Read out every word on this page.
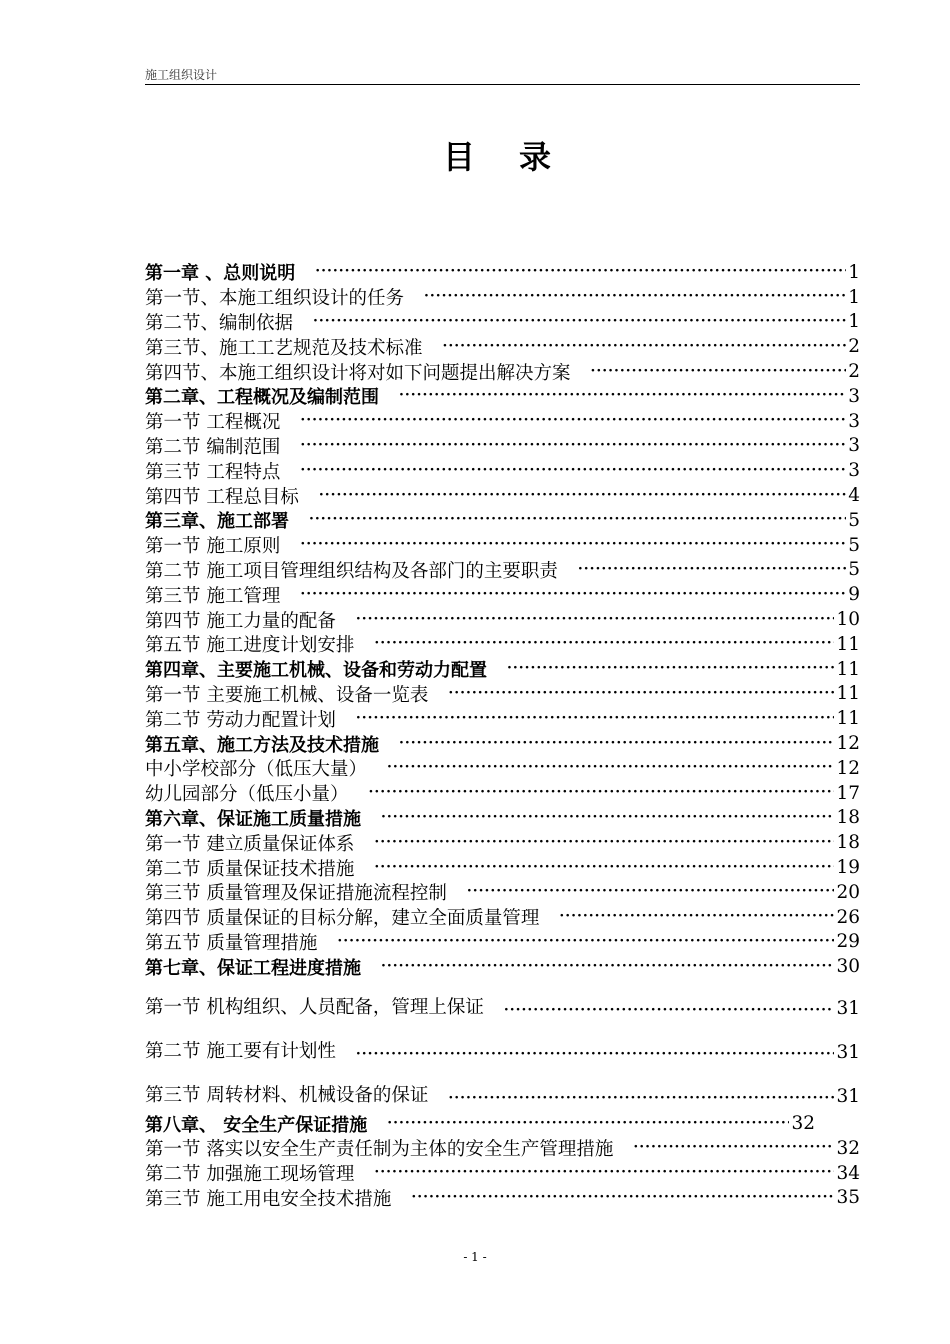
施工组织设计
目录
第一章 、总则说明 ·····	1
第一节、本施工组织设计的任务 ·····	1
第二节、编制依据 ·····	1
第三节、施工工艺规范及技术标准 ·····	2
第四节、本施工组织设计将对如下问题提出解决方案 ·····	2
第二章、工程概况及编制范围 ·····	3
第一节 工程概况 ·····	3
第二节 编制范围 ·····	3
第三节 工程特点 ·····	3
第四节 工程总目标 ·····	4
第三章、施工部署 ·····	5
第一节 施工原则 ·····	5
第二节 施工项目管理组织结构及各部门的主要职责 ·····	5
第三节 施工管理 ·····	9
第四节 施工力量的配备 ·····	10
第五节 施工进度计划安排 ·····	11
第四章、主要施工机械、设备和劳动力配置 ·····	11
第一节 主要施工机械、设备一览表 ·····	11
第二节 劳动力配置计划 ·····	11
第五章、施工方法及技术措施 ·····	12
中小学校部分（低压大量） ·····	12
幼儿园部分（低压小量） ·····	17
第六章、保证施工质量措施 ·····	18
第一节 建立质量保证体系 ·····	18
第二节 质量保证技术措施 ·····	19
第三节 质量管理及保证措施流程控制 ·····	20
第四节 质量保证的目标分解，建立全面质量管理 ·····	26
第五节 质量管理措施 ·····	29
第七章、保证工程进度措施 ·····	30
第一节 机构组织、人员配备，管理上保证 ·····	31
第二节 施工要有计划性 ·····	31
第三节 周转材料、机械设备的保证 ·····	31
第八章、 安全生产保证措施 ·····	32
第一节 落实以安全生产责任制为主体的安全生产管理措施 ·····	32
第二节 加强施工现场管理 ·····	34
第三节 施工用电安全技术措施 ·····	35
- 1 -
